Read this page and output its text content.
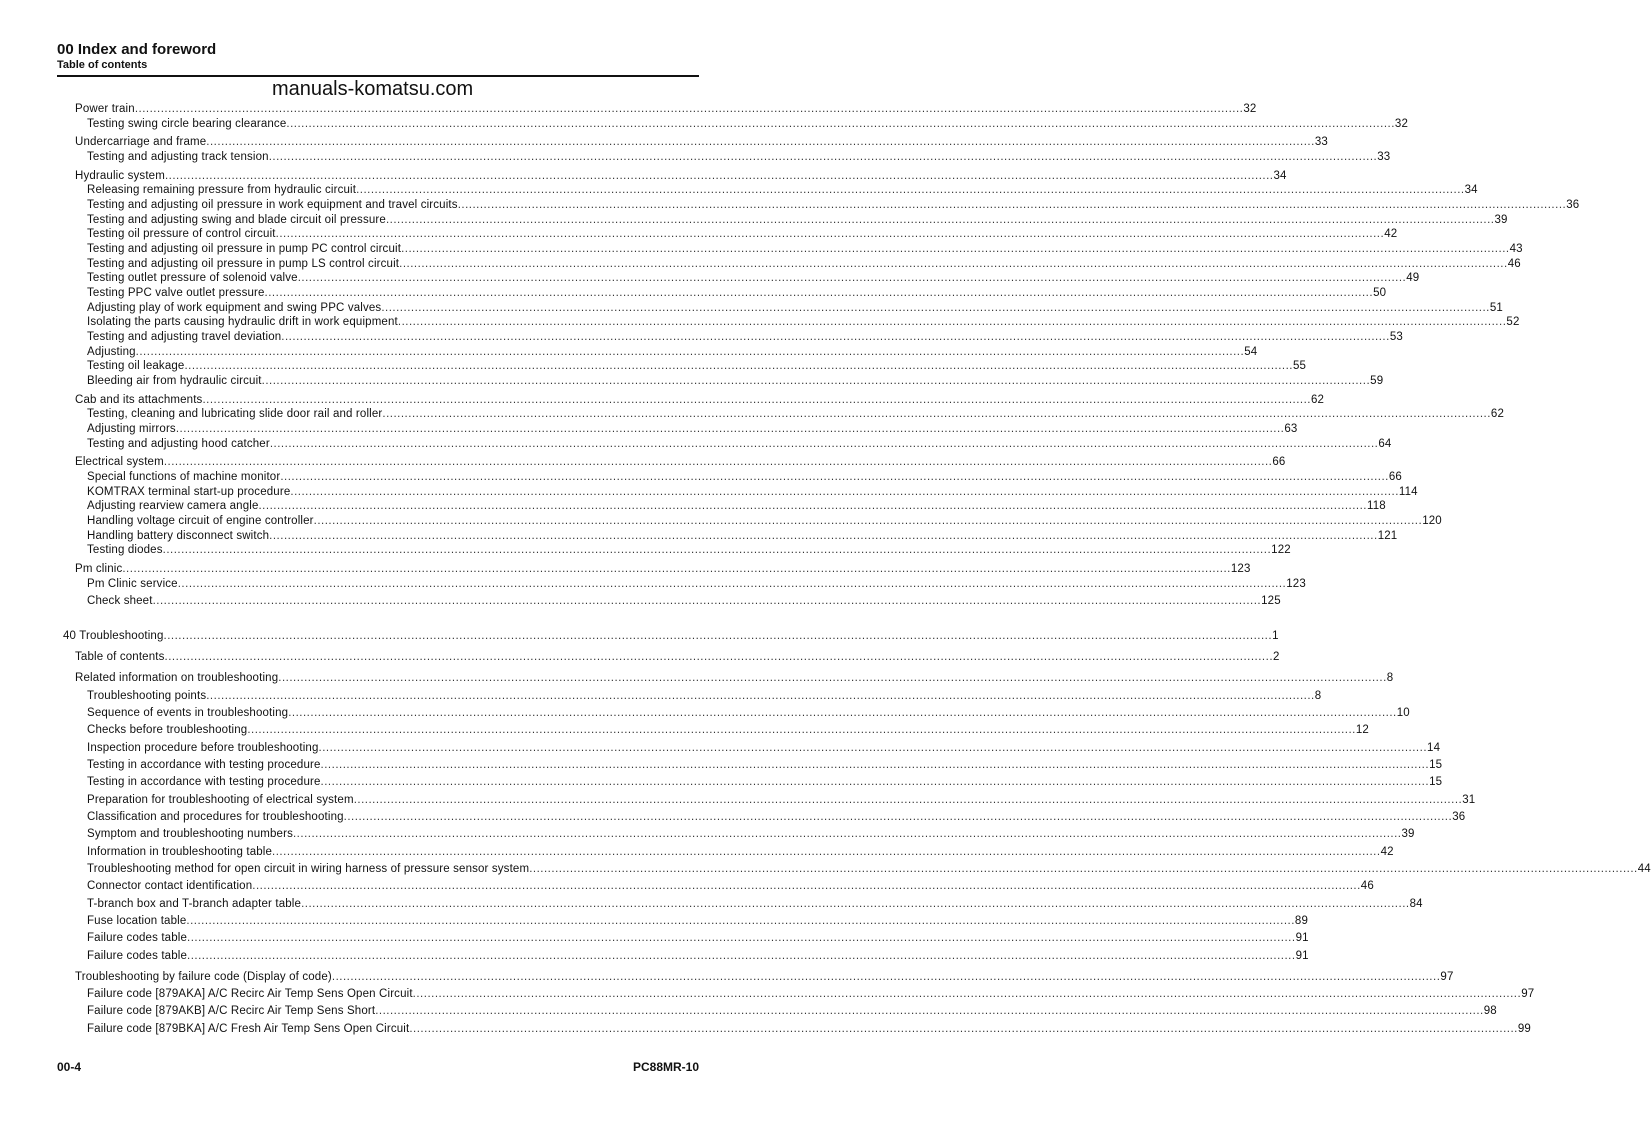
00 Index and foreword
Table of contents
manuals-komatsu.com
Power train ............................................................................................................................................................................................................................................................................................................ 32
Testing swing circle bearing clearance ............................................................................................................................................................................................................................................................................................................ 32
Undercarriage and frame ............................................................................................................................................................................................................................................................................................................ 33
Testing and adjusting track tension ............................................................................................................................................................................................................................................................................................................ 33
Hydraulic system ............................................................................................................................................................................................................................................................................................................ 34
Releasing remaining pressure from hydraulic circuit ............................................................................................................................................................................................................................................................................................................ 34
Testing and adjusting oil pressure in work equipment and travel circuits ............................................................................................................................................................................................................................................................................................................ 36
Testing and adjusting swing and blade circuit oil pressure ............................................................................................................................................................................................................................................................................................................ 39
Testing oil pressure of control circuit ............................................................................................................................................................................................................................................................................................................ 42
Testing and adjusting oil pressure in pump PC control circuit ............................................................................................................................................................................................................................................................................................................ 43
Testing and adjusting oil pressure in pump LS control circuit ............................................................................................................................................................................................................................................................................................................ 46
Testing outlet pressure of solenoid valve ............................................................................................................................................................................................................................................................................................................ 49
Testing PPC valve outlet pressure ............................................................................................................................................................................................................................................................................................................ 50
Adjusting play of work equipment and swing PPC valves ............................................................................................................................................................................................................................................................................................................ 51
Isolating the parts causing hydraulic drift in work equipment ............................................................................................................................................................................................................................................................................................................ 52
Testing and adjusting travel deviation ............................................................................................................................................................................................................................................................................................................ 53
Adjusting ............................................................................................................................................................................................................................................................................................................ 54
Testing oil leakage ............................................................................................................................................................................................................................................................................................................ 55
Bleeding air from hydraulic circuit ............................................................................................................................................................................................................................................................................................................ 59
Cab and its attachments ............................................................................................................................................................................................................................................................................................................ 62
Testing, cleaning and lubricating slide door rail and roller ............................................................................................................................................................................................................................................................................................................ 62
Adjusting mirrors ............................................................................................................................................................................................................................................................................................................ 63
Testing and adjusting hood catcher ............................................................................................................................................................................................................................................................................................................ 64
Electrical system ............................................................................................................................................................................................................................................................................................................ 66
Special functions of machine monitor ............................................................................................................................................................................................................................................................................................................ 66
KOMTRAX terminal start-up procedure ............................................................................................................................................................................................................................................................................................................ 114
Adjusting rearview camera angle ............................................................................................................................................................................................................................................................................................................ 118
Handling voltage circuit of engine controller ............................................................................................................................................................................................................................................................................................................ 120
Handling battery disconnect switch ............................................................................................................................................................................................................................................................................................................ 121
Testing diodes ............................................................................................................................................................................................................................................................................................................ 122
Pm clinic ............................................................................................................................................................................................................................................................................................................ 123
Pm Clinic service ............................................................................................................................................................................................................................................................................................................ 123
Check sheet ............................................................................................................................................................................................................................................................................................................ 125
40 Troubleshooting ............................................................................................................................................................................................................................................................................................................ 1
Table of contents ............................................................................................................................................................................................................................................................................................................ 2
Related information on troubleshooting ............................................................................................................................................................................................................................................................................................................ 8
Troubleshooting points ............................................................................................................................................................................................................................................................................................................ 8
Sequence of events in troubleshooting ............................................................................................................................................................................................................................................................................................................ 10
Checks before troubleshooting ............................................................................................................................................................................................................................................................................................................ 12
Inspection procedure before troubleshooting ............................................................................................................................................................................................................................................................................................................ 14
Testing in accordance with testing procedure ............................................................................................................................................................................................................................................................................................................ 15
Testing in accordance with testing procedure ............................................................................................................................................................................................................................................................................................................ 15
Preparation for troubleshooting of electrical system ............................................................................................................................................................................................................................................................................................................ 31
Classification and procedures for troubleshooting ............................................................................................................................................................................................................................................................................................................ 36
Symptom and troubleshooting numbers ............................................................................................................................................................................................................................................................................................................ 39
Information in troubleshooting table ............................................................................................................................................................................................................................................................................................................ 42
Troubleshooting method for open circuit in wiring harness of pressure sensor system ............................................................................................................................................................................................................................................................................................................ 44
Connector contact identification ............................................................................................................................................................................................................................................................................................................ 46
T-branch box and T-branch adapter table ............................................................................................................................................................................................................................................................................................................ 84
Fuse location table ............................................................................................................................................................................................................................................................................................................ 89
Failure codes table ............................................................................................................................................................................................................................................................................................................ 91
Failure codes table ............................................................................................................................................................................................................................................................................................................ 91
Troubleshooting by failure code (Display of code) ............................................................................................................................................................................................................................................................................................................ 97
Failure code [879AKA] A/C Recirc Air Temp Sens Open Circuit ............................................................................................................................................................................................................................................................................................................ 97
Failure code [879AKB] A/C Recirc Air Temp Sens Short ............................................................................................................................................................................................................................................................................................................ 98
Failure code [879BKA] A/C Fresh Air Temp Sens Open Circuit ............................................................................................................................................................................................................................................................................................................ 99
00-4	PC88MR-10
